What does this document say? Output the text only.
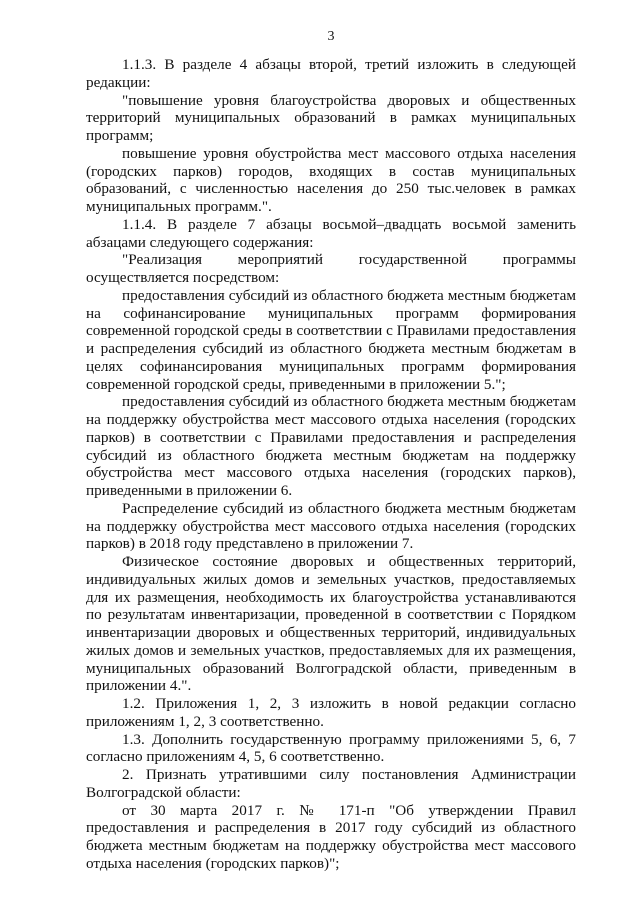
3

1.1.3. В разделе 4 абзацы второй, третий изложить в следующей редакции:

"повышение уровня благоустройства дворовых и общественных территорий муниципальных образований в рамках муниципальных программ;

повышение уровня обустройства мест массового отдыха населения (городских парков) городов, входящих в состав муниципальных образований, с численностью населения до 250 тыс.человек в рамках муниципальных программ.".

1.1.4. В разделе 7 абзацы восьмой–двадцать восьмой заменить абзацами следующего содержания:

"Реализация мероприятий государственной программы осуществляется посредством:

предоставления субсидий из областного бюджета местным бюджетам на софинансирование муниципальных программ формирования современной городской среды в соответствии с Правилами предоставления и распределения субсидий из областного бюджета местным бюджетам в целях софинансирования муниципальных программ формирования современной городской среды, приведенными в приложении 5.";

предоставления субсидий из областного бюджета местным бюджетам на поддержку обустройства мест массового отдыха населения (городских парков) в соответствии с Правилами предоставления и распределения субсидий из областного бюджета местным бюджетам на поддержку обустройства мест массового отдыха населения (городских парков), приведенными в приложении 6.

Распределение субсидий из областного бюджета местным бюджетам на поддержку обустройства мест массового отдыха населения (городских парков) в 2018 году представлено в приложении 7.

Физическое состояние дворовых и общественных территорий, индивидуальных жилых домов и земельных участков, предоставляемых для их размещения, необходимость их благоустройства устанавливаются по результатам инвентаризации, проведенной в соответствии с Порядком инвентаризации дворовых и общественных территорий, индивидуальных жилых домов и земельных участков, предоставляемых для их размещения, муниципальных образований Волгоградской области, приведенным в приложении 4.".

1.2. Приложения 1, 2, 3 изложить в новой редакции согласно приложениям 1, 2, 3 соответственно.

1.3. Дополнить государственную программу приложениями 5, 6, 7 согласно приложениям 4, 5, 6 соответственно.

2. Признать утратившими силу постановления Администрации Волгоградской области:

от 30 марта 2017 г. № 171-п "Об утверждении Правил предоставления и распределения в 2017 году субсидий из областного бюджета местным бюджетам на поддержку обустройства мест массового отдыха населения (городских парков)";
